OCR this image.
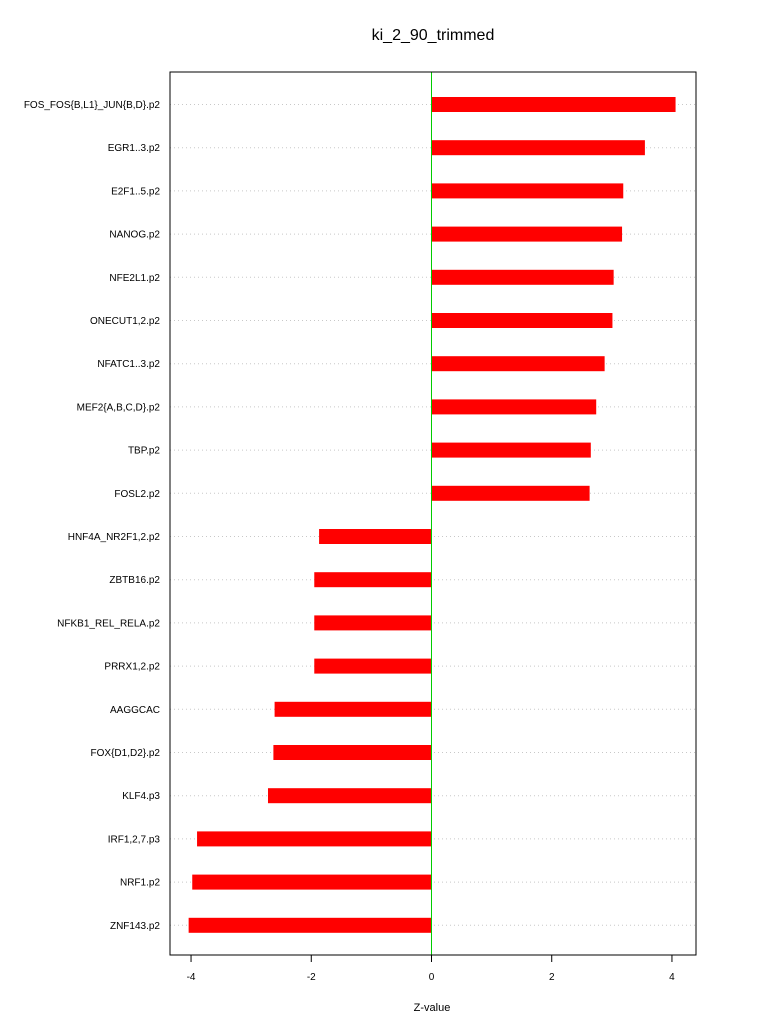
ki_2_90_trimmed
FOS_FOS{B,L1}_JUN{B,D}.p2
EGR1..3.p2
E2F1..5.p2
NANOG.p2
NFE2L1.p2
ONECUT1,2.p2
NFATC1..3.p2
MEF2{A,B,C,D}.p2
TBP.p2
FOSL2.p2
HNF4A_NR2F1,2.p2
ZBTB16.p2
NFKB1_REL_RELA.p2
PRRX1,2.p2
AAGGCAC
FOX{D1,D2}.p2
KLF4.p3
IRF1,2,7.p3
NRF1.p2
ZNF143.p2
-4	-2	0	2	4
Z-value
